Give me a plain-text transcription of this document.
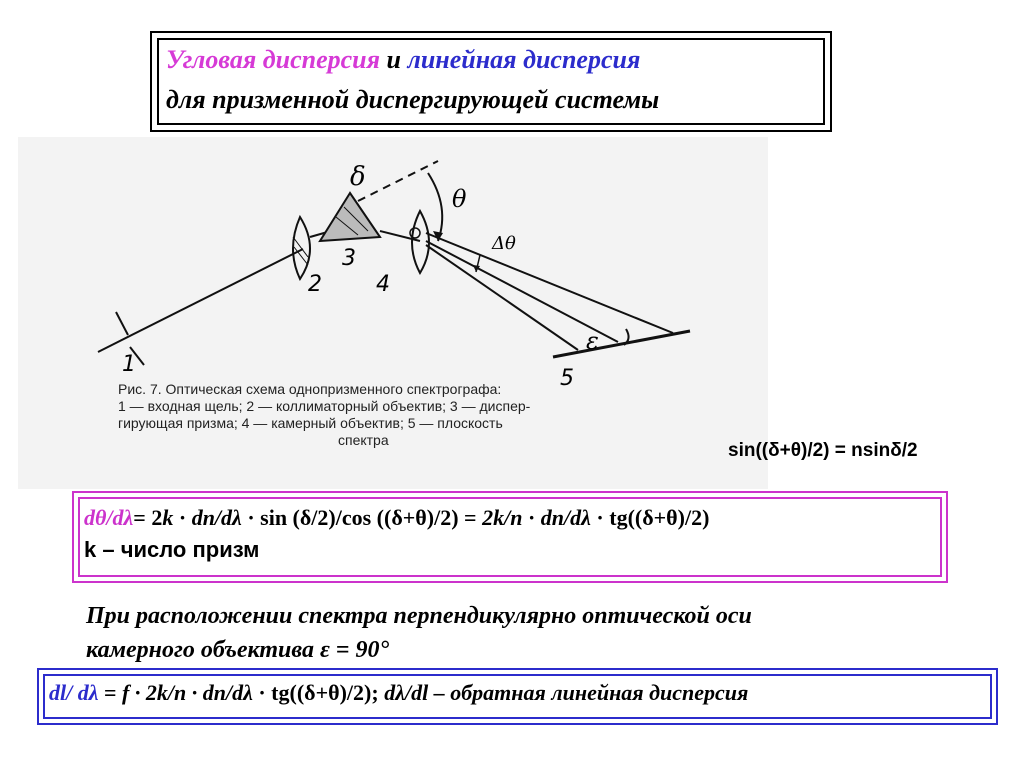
Угловая дисперсия и линейная дисперсия
для призменной диспергирующей системы
δ
θ
Δθ
ε
1
2
3
4
5
Рис. 7. Оптическая схема однопризменного спектрографа:
1 — входная щель; 2 — коллиматорный объектив; 3 — диспер-
гирующая призма; 4 — камерный объектив; 5 — плоскость
спектра	sin((δ+θ)/2) = nsinδ/2
dθ/dλ= 2k · dn/dλ · sin (δ/2)/cos ((δ+θ)/2) = 2k/n · dn/dλ · tg((δ+θ)/2)
k – число призм
При расположении спектра перпендикулярно оптической оси
камерного объектива ε = 90°
dl/ dλ = f · 2k/n · dn/dλ · tg((δ+θ)/2); dλ/dl – обратная линейная дисперсия
